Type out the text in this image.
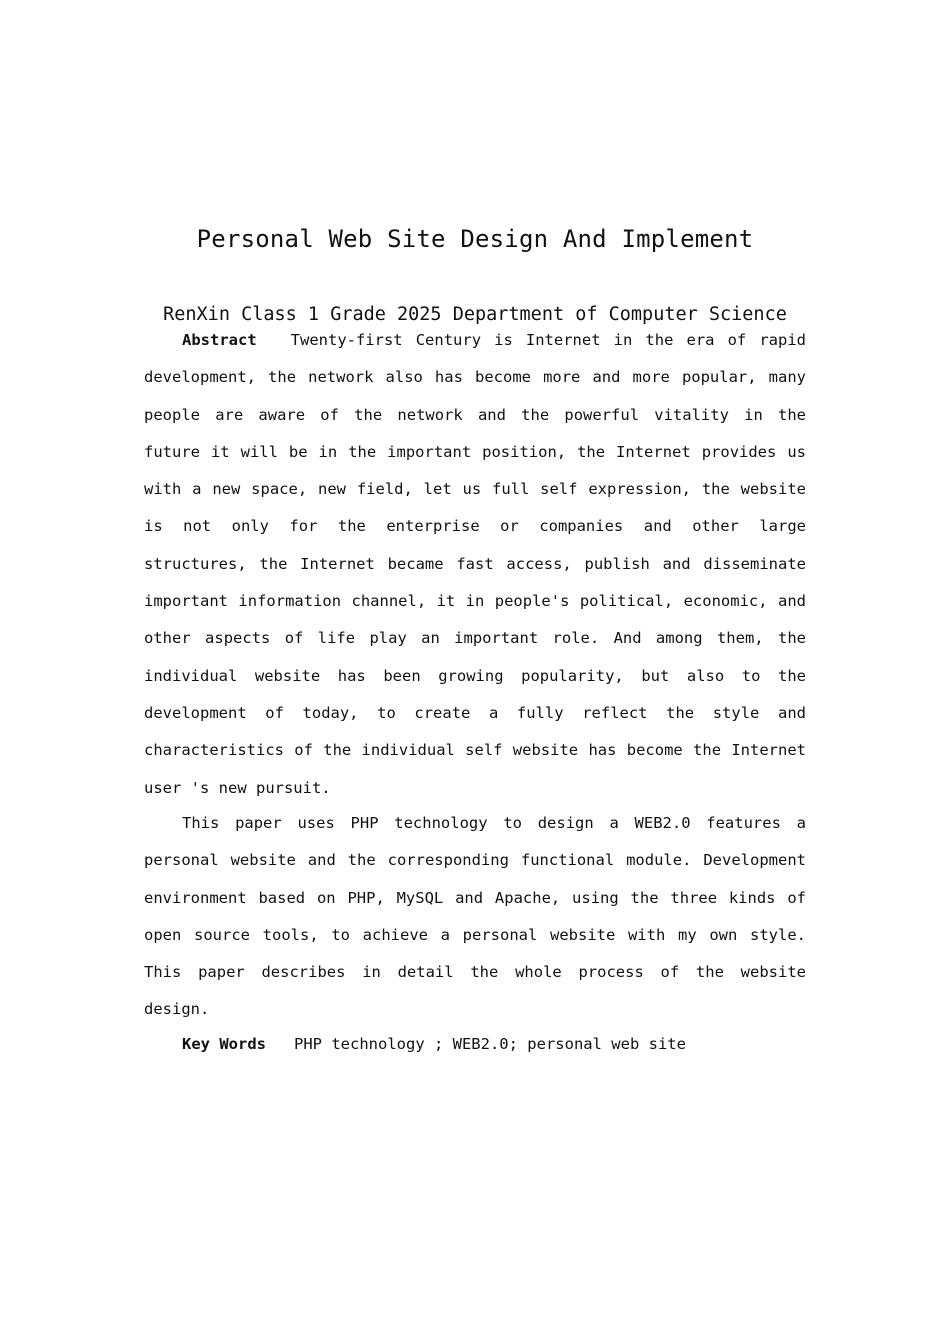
Personal Web Site Design And Implement
RenXin Class 1 Grade 2025 Department of Computer Science

Abstract Twenty-first Century is Internet in the era of rapid development, the network also has become more and more popular, many people are aware of the network and the powerful vitality in the future it will be in the important position, the Internet provides us with a new space, new field, let us full self expression, the website is not only for the enterprise or companies and other large structures, the Internet became fast access, publish and disseminate important information channel, it in people's political, economic, and other aspects of life play an important role. And among them, the individual website has been growing popularity, but also to the development of today, to create a fully reflect the style and characteristics of the individual self website has become the Internet user 's new pursuit.

This paper uses PHP technology to design a WEB2.0 features a personal website and the corresponding functional module. Development environment based on PHP, MySQL and Apache, using the three kinds of open source tools, to achieve a personal website with my own style. This paper describes in detail the whole process of the website design.

Key Words PHP technology ; WEB2.0; personal web site
